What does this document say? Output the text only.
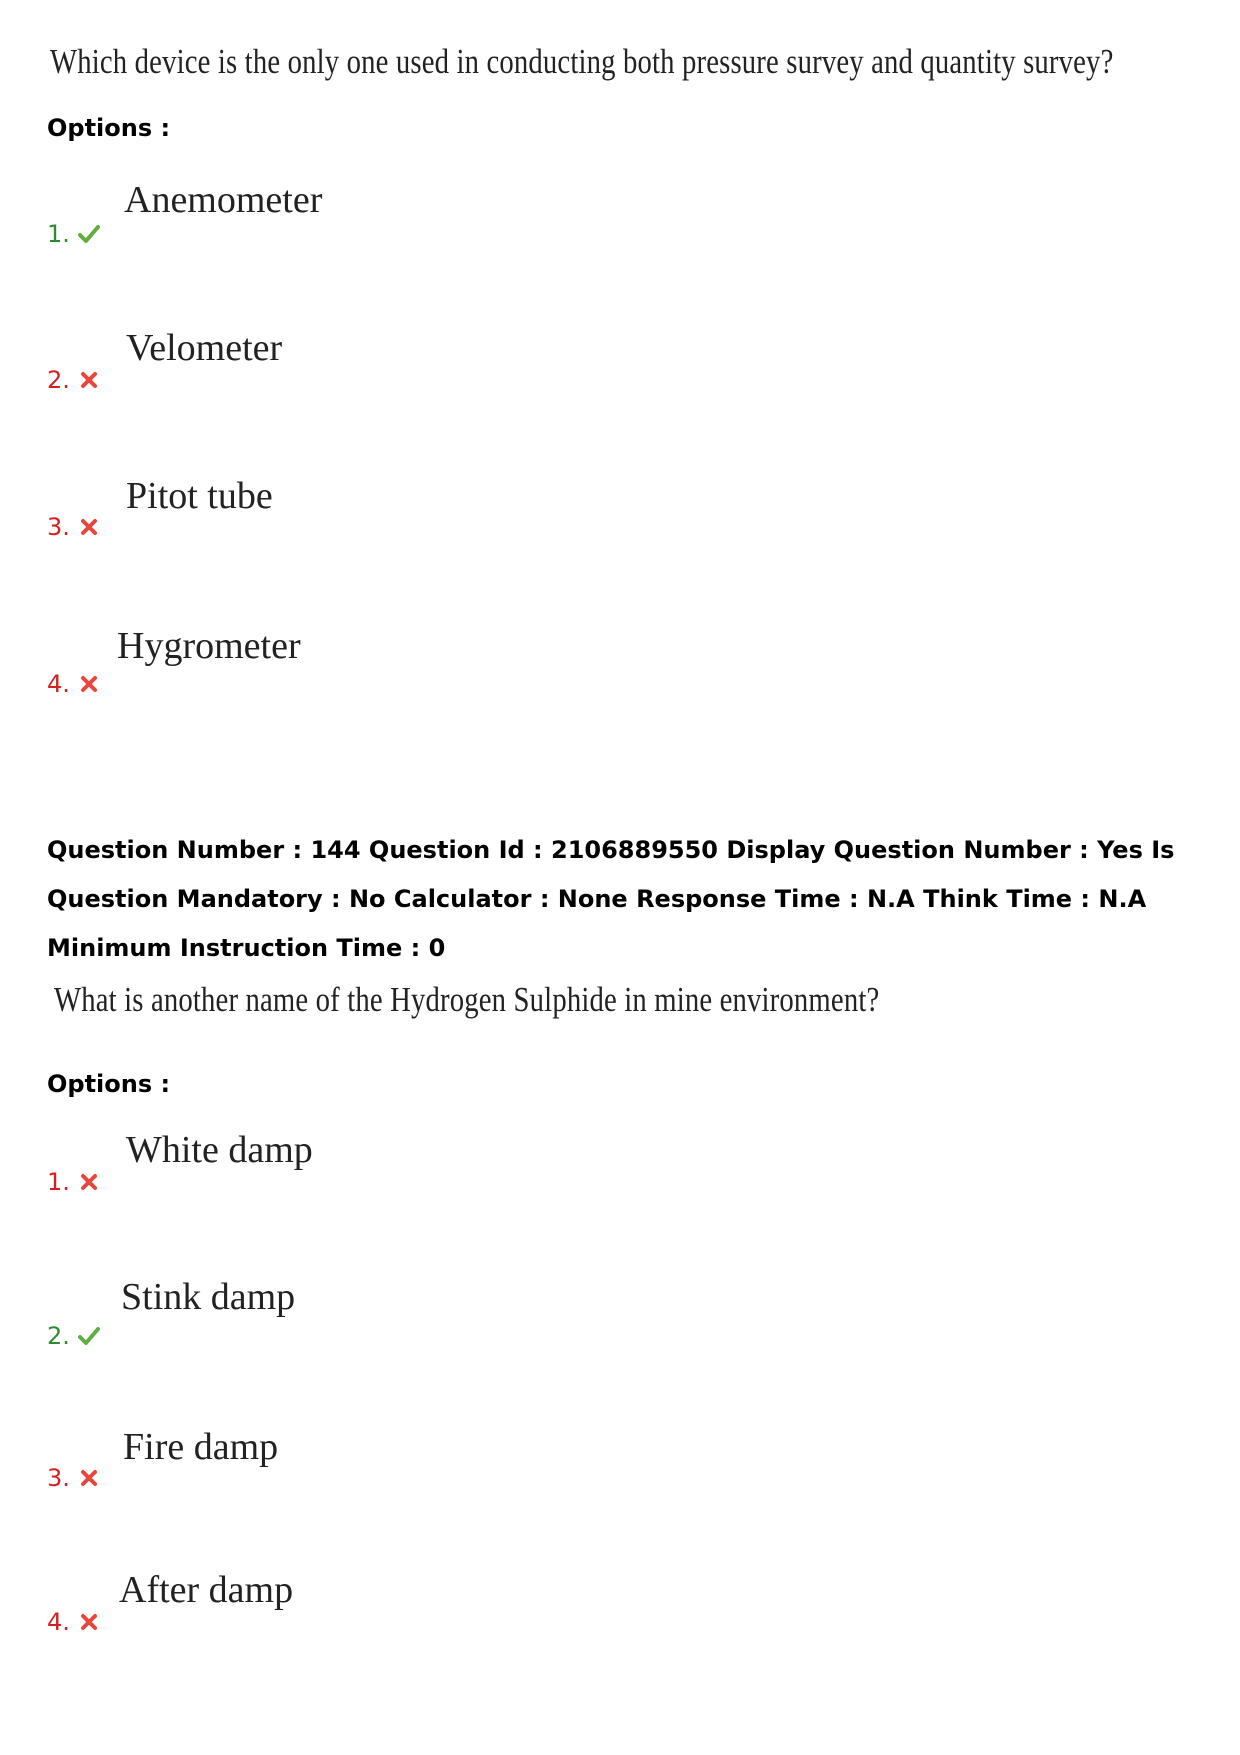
Which device is the only one used in conducting both pressure survey and quantity survey?
Options :
Anemometer
1.
Velometer
2.
Pitot tube
3.
Hygrometer
4.
Question Number : 144 Question Id : 2106889550 Display Question Number : Yes Is Question Mandatory : No Calculator : None Response Time : N.A Think Time : N.A Minimum Instruction Time : 0
What is another name of the Hydrogen Sulphide in mine environment?
Options :
White damp
1.
Stink damp
2.
Fire damp
3.
After damp
4.
